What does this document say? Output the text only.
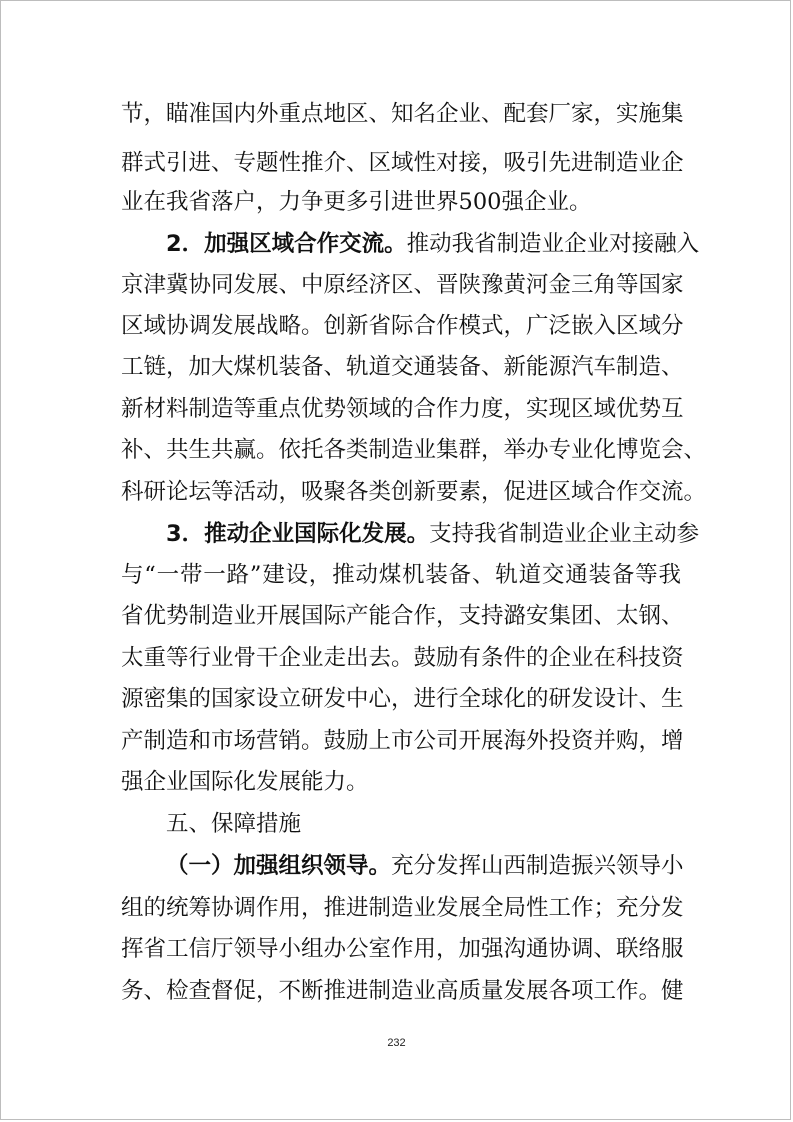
节，瞄准国内外重点地区、知名企业、配套厂家，实施集
群式引进、专题性推介、区域性对接，吸引先进制造业企
业在我省落户，力争更多引进世界500强企业。
2．加强区域合作交流。推动我省制造业企业对接融入
京津冀协同发展、中原经济区、晋陕豫黄河金三角等国家
区域协调发展战略。创新省际合作模式，广泛嵌入区域分
工链，加大煤机装备、轨道交通装备、新能源汽车制造、
新材料制造等重点优势领域的合作力度，实现区域优势互
补、共生共赢。依托各类制造业集群，举办专业化博览会、
科研论坛等活动，吸聚各类创新要素，促进区域合作交流。
3．推动企业国际化发展。支持我省制造业企业主动参
与“一带一路”建设，推动煤机装备、轨道交通装备等我
省优势制造业开展国际产能合作，支持潞安集团、太钢、
太重等行业骨干企业走出去。鼓励有条件的企业在科技资
源密集的国家设立研发中心，进行全球化的研发设计、生
产制造和市场营销。鼓励上市公司开展海外投资并购，增
强企业国际化发展能力。
五、保障措施
（一）加强组织领导。充分发挥山西制造振兴领导小
组的统筹协调作用，推进制造业发展全局性工作；充分发
挥省工信厅领导小组办公室作用，加强沟通协调、联络服
务、检查督促，不断推进制造业高质量发展各项工作。健
232
